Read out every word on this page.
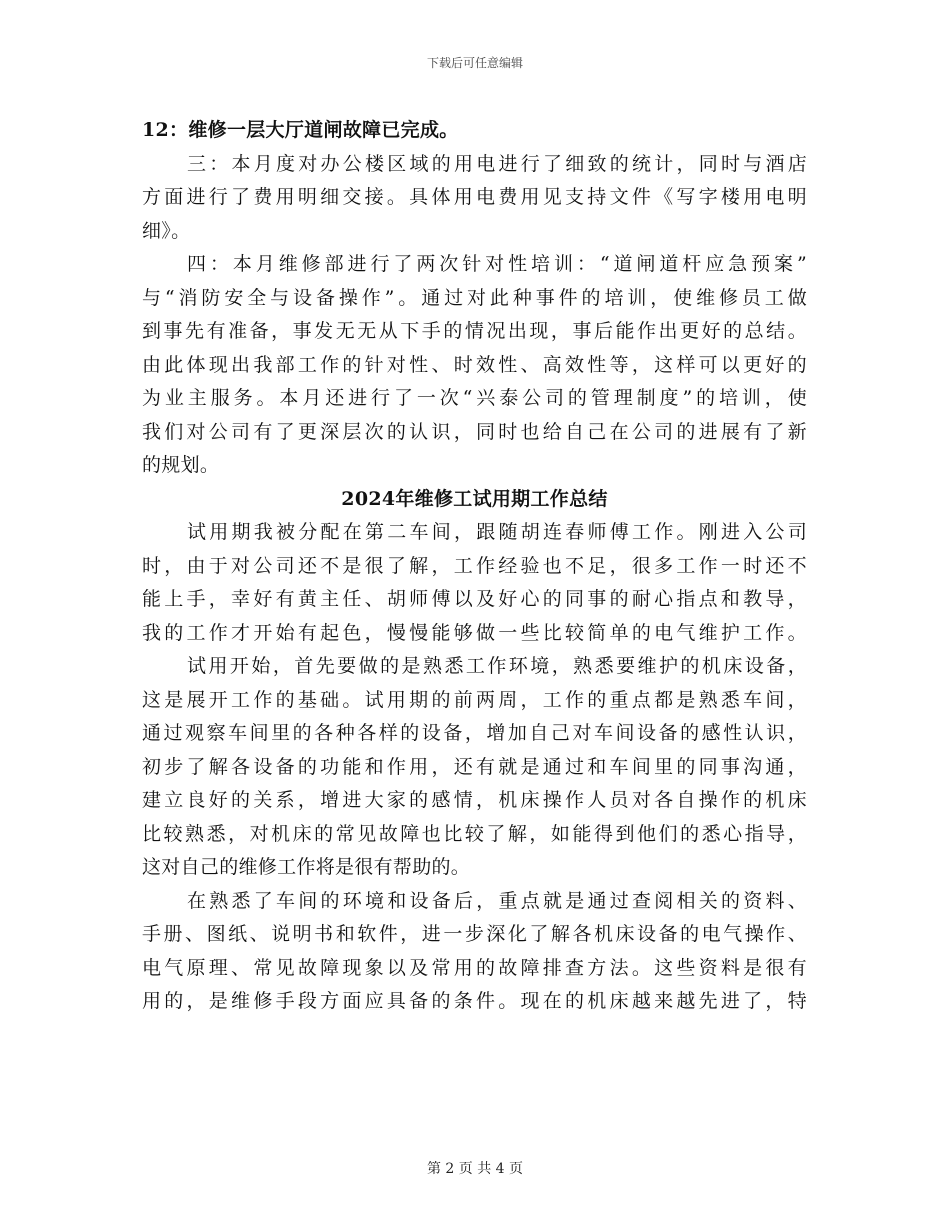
下载后可任意编辑
12：维修一层大厅道闸故障已完成。
三：本月度对办公楼区域的用电进行了细致的统计，同时与酒店
方面进行了费用明细交接。具体用电费用见支持文件《写字楼用电明
细》。
四：本月维修部进行了两次针对性培训：“道闸道杆应急预案”
与“消防安全与设备操作”。通过对此种事件的培训，使维修员工做
到事先有准备，事发无无从下手的情况出现，事后能作出更好的总结。
由此体现出我部工作的针对性、时效性、高效性等，这样可以更好的
为业主服务。本月还进行了一次“兴泰公司的管理制度”的培训，使
我们对公司有了更深层次的认识，同时也给自己在公司的进展有了新
的规划。
2024年维修工试用期工作总结
试用期我被分配在第二车间，跟随胡连春师傅工作。刚进入公司
时，由于对公司还不是很了解，工作经验也不足，很多工作一时还不
能上手，幸好有黄主任、胡师傅以及好心的同事的耐心指点和教导，
我的工作才开始有起色，慢慢能够做一些比较简单的电气维护工作。
试用开始，首先要做的是熟悉工作环境，熟悉要维护的机床设备，
这是展开工作的基础。试用期的前两周，工作的重点都是熟悉车间，
通过观察车间里的各种各样的设备，增加自己对车间设备的感性认识，
初步了解各设备的功能和作用，还有就是通过和车间里的同事沟通，
建立良好的关系，增进大家的感情，机床操作人员对各自操作的机床
比较熟悉，对机床的常见故障也比较了解，如能得到他们的悉心指导，
这对自己的维修工作将是很有帮助的。
在熟悉了车间的环境和设备后，重点就是通过查阅相关的资料、
手册、图纸、说明书和软件，进一步深化了解各机床设备的电气操作、
电气原理、常见故障现象以及常用的故障排查方法。这些资料是很有
用的，是维修手段方面应具备的条件。现在的机床越来越先进了，特
第 2 页 共 4 页
